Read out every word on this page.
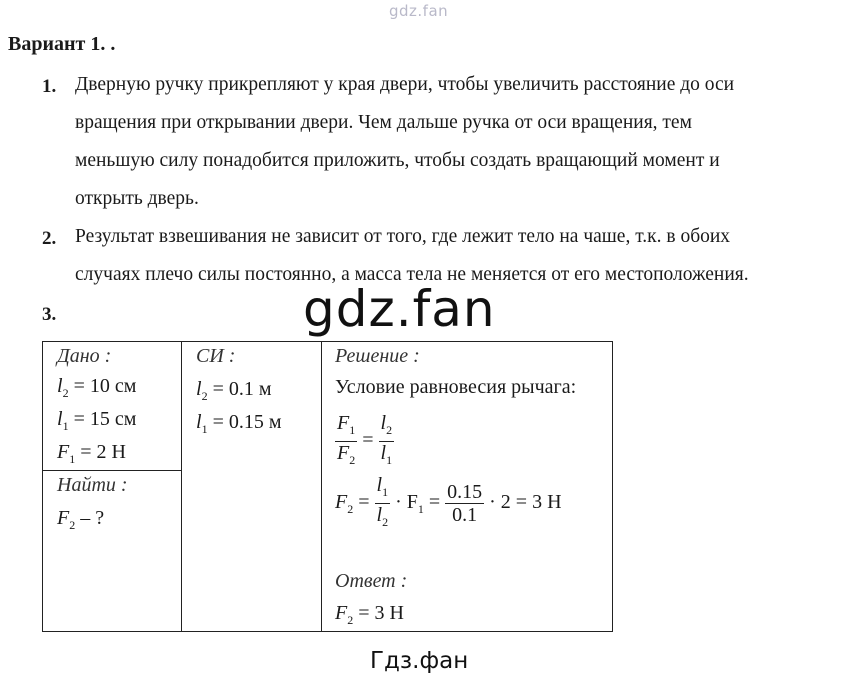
gdz.fan
Вариант 1. .
1. Дверную ручку прикрепляют у края двери, чтобы увеличить расстояние до оси
вращения при открывании двери. Чем дальше ручка от оси вращения, тем
меньшую силу понадобится приложить, чтобы создать вращающий момент и
открыть дверь.
2. Результат взвешивания не зависит от того, где лежит тело на чаше, т.к. в обоих
случаях плечо силы постоянно, а масса тела не меняется от его местоположения.
3.	gdz.fan
Дано :
$l_2 = 10$ см
$l_1 = 15$ см
$F_1 = 2$ Н
Найти :
$F_2$ – ?
СИ :
$l_2 = 0.1$ м
$l_1 = 0.15$ м
Решение :
Условие равновесия рычага:
$\frac{F_1}{F_2} = \frac{l_2}{l_1}$
$F_2 = \frac{l_1}{l_2} \cdot F_1 = \frac{0.15}{0.1} \cdot 2 = 3$ Н
Ответ :
$F_2 = 3$ Н
Гдз.фан
